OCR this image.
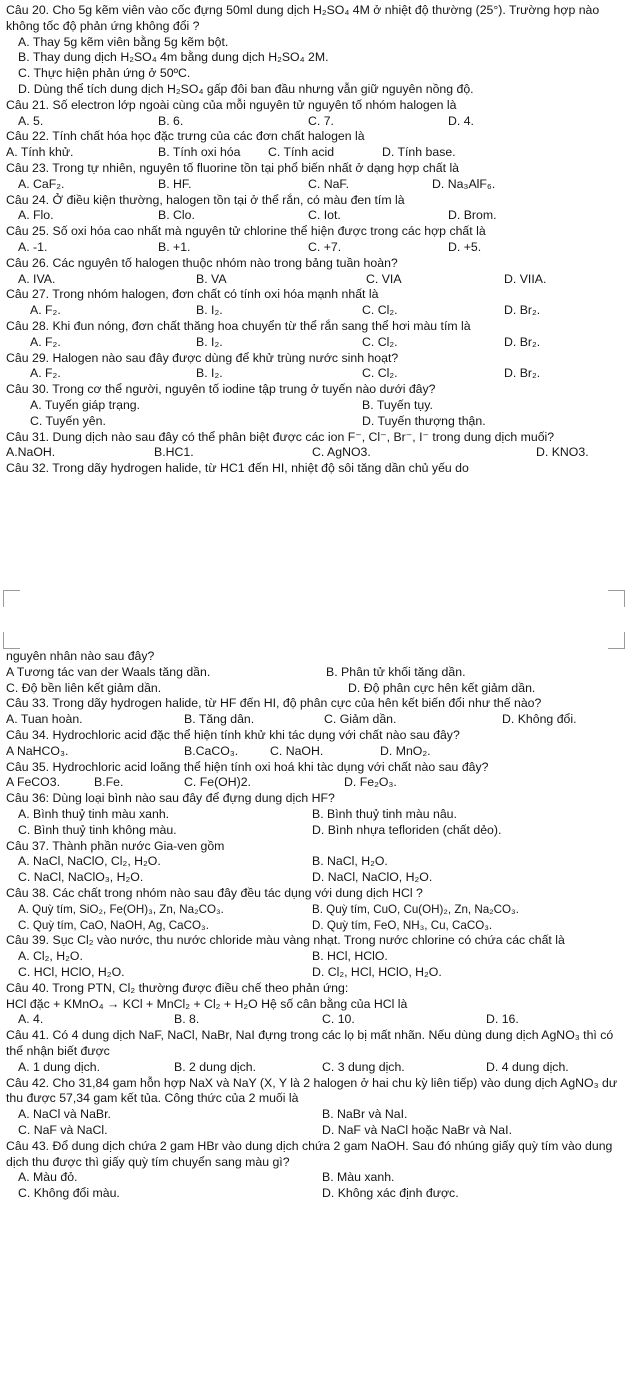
Câu 20. Cho 5g kẽm viên vào cốc đựng 50ml dung dịch H₂SO₄ 4M ở nhiệt độ thường (25°). Trường hợp nào không tốc độ phản ứng không đổi ?
A. Thay 5g kẽm viên bằng 5g kẽm bột.
B. Thay dung dịch H₂SO₄ 4m bằng dung dịch H₂SO₄ 2M.
C. Thực hiện phản ứng ở 50ºC.
D. Dùng thể tích dung dịch H₂SO₄ gấp đôi ban đầu nhưng vẫn giữ nguyên nồng độ.
Câu 21. Số electron lớp ngoài cùng của mỗi nguyên tử nguyên tố nhóm halogen là
A. 5.	B. 6.	C. 7.	D. 4.
Câu 22. Tính chất hóa học đặc trưng của các đơn chất halogen là
A. Tính khử.	B. Tính oxi hóa C. Tính acid	D. Tính base.
Câu 23. Trong tự nhiên, nguyên tố fluorine tồn tại phổ biến nhất ở dạng hợp chất là
A. CaF₂.	B. HF.	C. NaF.	D. Na₃AlF₆.
Câu 24. Ở điều kiện thường, halogen tồn tại ở thể rắn, có màu đen tím là
A. Flo.	B. Clo.	C. Iot.	D. Brom.
Câu 25. Số oxi hóa cao nhất mà nguyên tử chlorine thể hiện được trong các hợp chất là
A. -1.	B. +1.	C. +7.	D. +5.
Câu 26. Các nguyên tố halogen thuộc nhóm nào trong bảng tuần hoàn?
A. IVA.	B. VA	C. VIA	D. VIIA.
Câu 27. Trong nhóm halogen, đơn chất có tính oxi hóa mạnh nhất là
A. F₂.	B. I₂.	C. Cl₂.	D. Br₂.
Câu 28. Khi đun nóng, đơn chất thăng hoa chuyển từ thể rắn sang thể hơi màu tím là
A. F₂.	B. I₂.	C. Cl₂.	D. Br₂.
Câu 29. Halogen nào sau đây được dùng để khử trùng nước sinh hoạt?
A. F₂.	B. I₂.	C. Cl₂.	D. Br₂.
Câu 30. Trong cơ thể người, nguyên tố iodine tập trung ở tuyến nào dưới đây?
A. Tuyến giáp trạng.	B. Tuyến tụy.
C. Tuyến yên.	D. Tuyến thượng thận.
Câu 31. Dung dịch nào sau đây có thể phân biệt được các ion F⁻, Cl⁻, Br⁻, I⁻ trong dung dịch muối?
A.NaOH.	B.HC1.	C. AgNO3.	D. KNO3.
Câu 32. Trong dãy hydrogen halide, từ HC1 đến HI, nhiệt độ sôi tăng dần chủ yếu do
nguyên nhân nào sau đây?
A Tương tác van der Waals tăng dần.	B. Phân tử khối tăng dần.
C. Độ bền liên kết giảm dần.	D. Độ phân cực hên kết giảm dần.
Câu 33. Trong dãy hydrogen halide, từ HF đến HI, độ phân cực của hên kết biến đổi như thế nào?
A. Tuan hoàn.	B. Tăng dân.	C. Giảm dần.	D. Không đổi.
Câu 34. Hydrochloric acid đặc thể hiện tính khử khi tác dụng với chất nào sau đây?
A NaHCO₃.	B.CaCO₃.	C. NaOH.	D. MnO₂.
Câu 35. Hydrochloric acid loãng thể hiện tính oxi hoá khi tàc dụng với chất nào sau đây?
A FeCO3.	B.Fe.	C. Fe(OH)2.	D. Fe₂O₃.
Câu 36: Dùng loại bình nào sau đây để đựng dung dịch HF?
A. Bình thuỷ tinh màu xanh.	B. Bình thuỷ tinh màu nâu.
C. Bình thuỷ tinh không màu.	D. Bình nhựa tefloriden (chất dẻo).
Câu 37. Thành phần nước Gia-ven gồm
A. NaCl, NaClO, Cl₂, H₂O.	B. NaCl, H₂O.
C. NaCl, NaClO₃, H₂O.	D. NaCl, NaClO, H₂O.
Câu 38. Các chất trong nhóm nào sau đây đều tác dụng với dung dịch HCl ?
A. Quỳ tím, SiO₂, Fe(OH)₃, Zn, Na₂CO₃.	B. Quỳ tím, CuO, Cu(OH)₂, Zn, Na₂CO₃.
C. Quỳ tím, CaO, NaOH, Ag, CaCO₃.	D. Quỳ tím, FeO, NH₃, Cu, CaCO₃.
Câu 39. Sục Cl₂ vào nước, thu nước chloride màu vàng nhạt. Trong nước chlorine có chứa các chất là
A. Cl₂, H₂O.	B. HCl, HClO.
C. HCl, HClO, H₂O.	D. Cl₂, HCl, HClO, H₂O.
Câu 40. Trong PTN, Cl₂ thường được điều chế theo phản ứng:
HCl đặc + KMnO₄ → KCl + MnCl₂ + Cl₂ + H₂O Hệ số cân bằng của HCl là
A. 4.	B. 8.	C. 10.	D. 16.
Câu 41. Có 4 dung dịch NaF, NaCl, NaBr, NaI đựng trong các lọ bị mất nhãn. Nếu dùng dung dịch AgNO₃ thì có thể nhận biết được
A. 1 dung dịch.	B. 2 dung dịch.	C. 3 dung dịch.	D. 4 dung dịch.
Câu 42. Cho 31,84 gam hỗn hợp NaX và NaY (X, Y là 2 halogen ở hai chu kỳ liên tiếp) vào dung dịch AgNO₃ dư thu được 57,34 gam kết tủa. Công thức của 2 muối là
A. NaCl và NaBr.	B. NaBr và NaI.
C. NaF và NaCl.	D. NaF và NaCl hoặc NaBr và NaI.
Câu 43. Đổ dung dịch chứa 2 gam HBr vào dung dịch chứa 2 gam NaOH. Sau đó nhúng giấy quỳ tím vào dung dịch thu được thì giấy quỳ tím chuyển sang màu gì?
A. Màu đỏ.	B. Màu xanh.
C. Không đổi màu.	D. Không xác định được.
